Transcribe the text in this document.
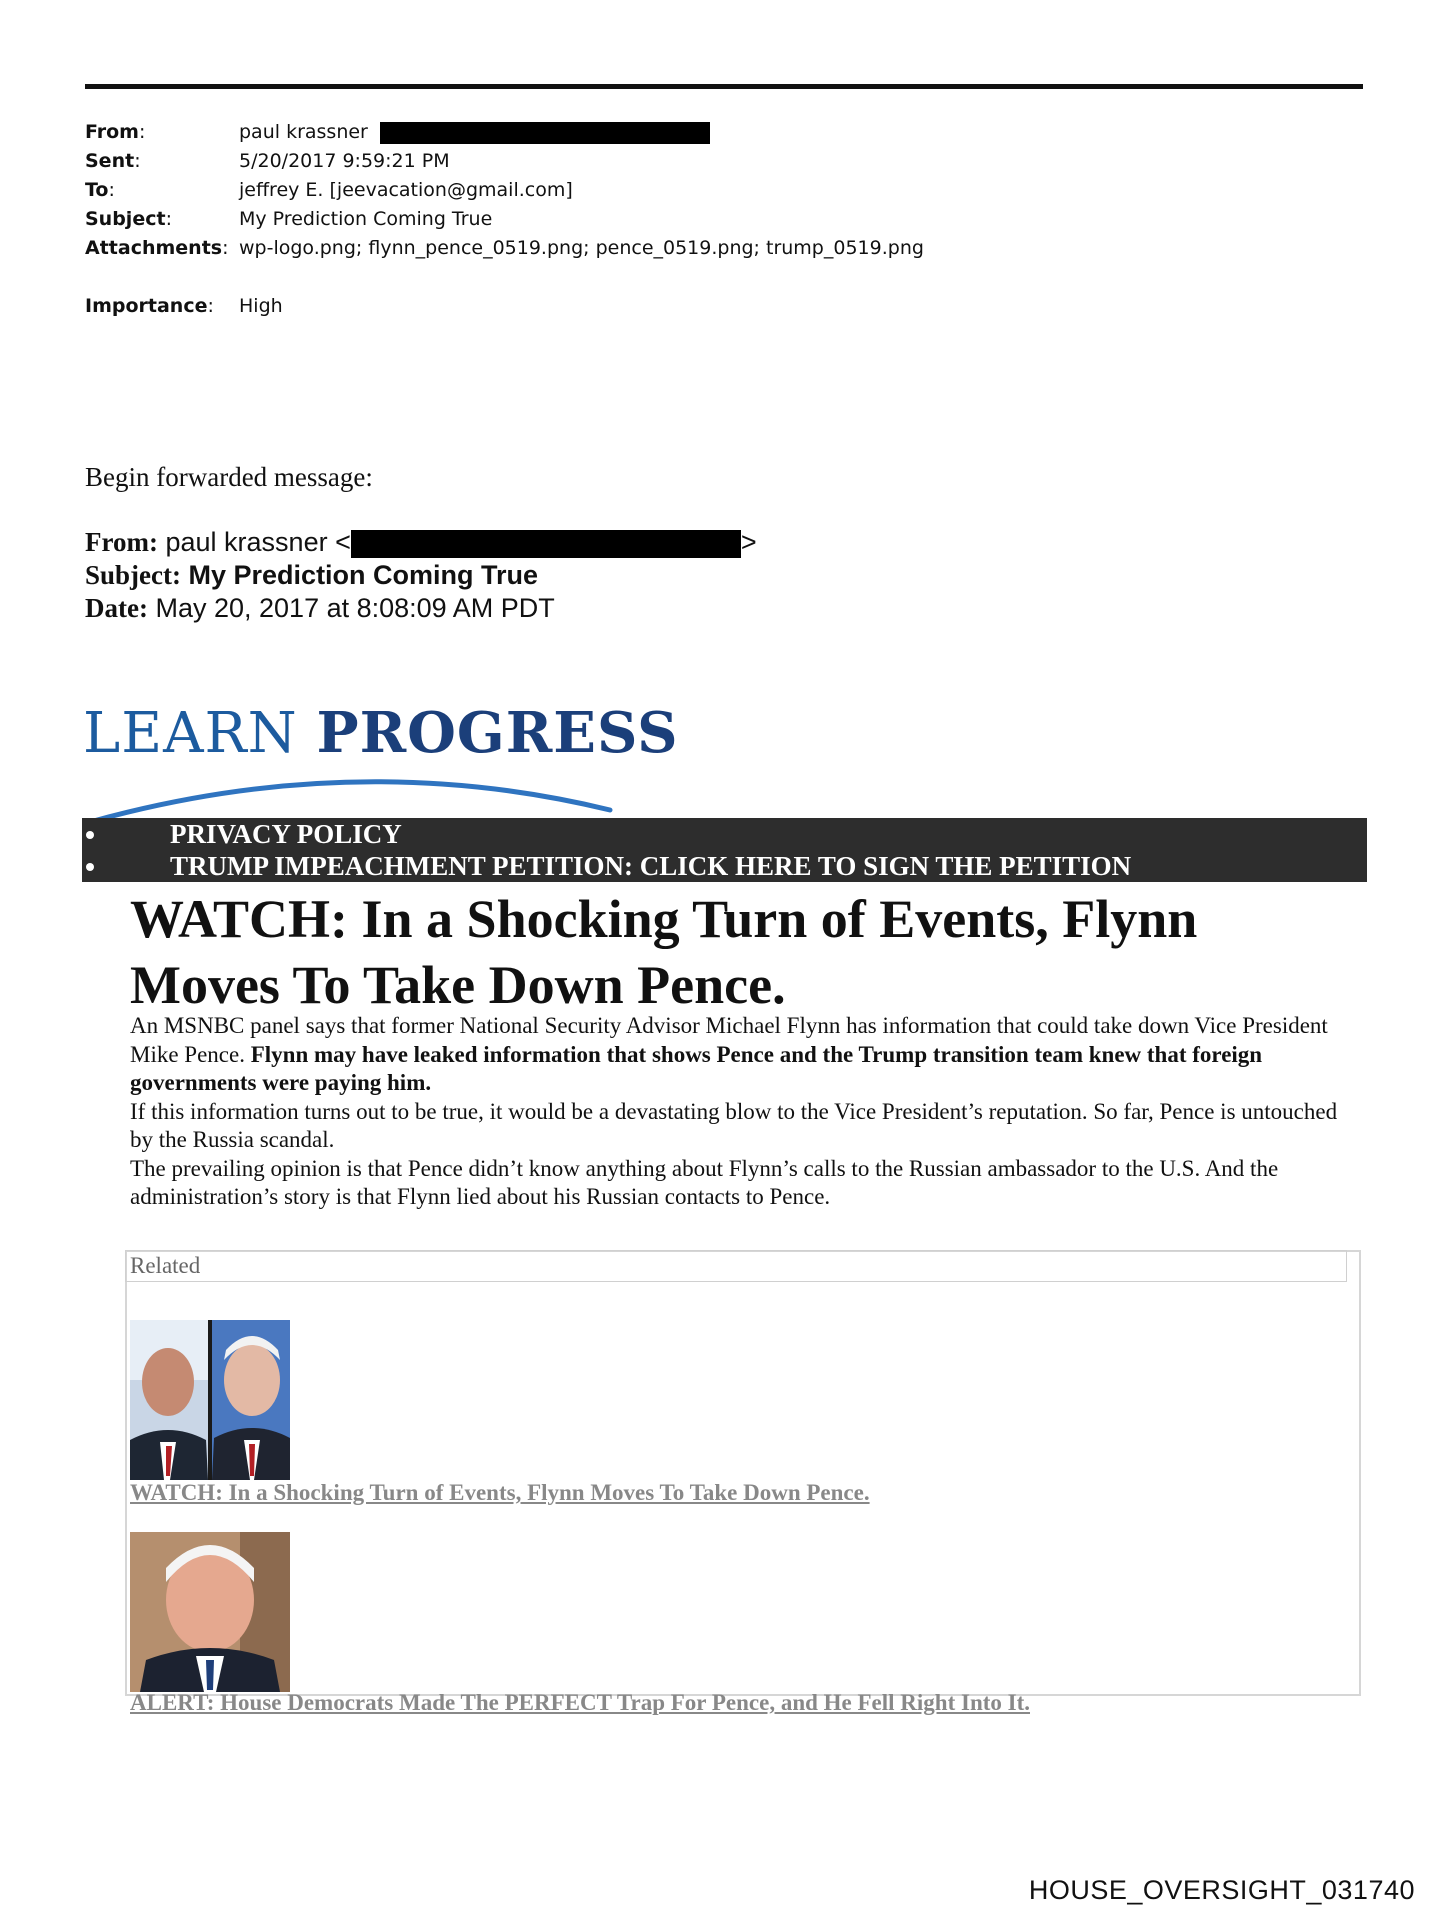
From:	paul krassner
Sent:	5/20/2017 9:59:21 PM
To:	jeffrey E. [jeevacation@gmail.com]
Subject:	My Prediction Coming True
Attachments: wp-logo.png; flynn_pence_0519.png; pence_0519.png; trump_0519.png
Importance:	High
Begin forwarded message:
From: paul krassner <	>
Subject: My Prediction Coming True
Date: May 20, 2017 at 8:08:09 AM PDT
LEARN PROGRESS
PRIVACY POLICY
TRUMP IMPEACHMENT PETITION: CLICK HERE TO SIGN THE PETITION
WATCH: In a Shocking Turn of Events, Flynn
Moves To Take Down Pence.

An MSNBC panel says that former National Security Advisor Michael Flynn has information that could take down Vice President Mike Pence. Flynn may have leaked information that shows Pence and the Trump transition team knew that foreign governments were paying him.

If this information turns out to be true, it would be a devastating blow to the Vice President’s reputation. So far, Pence is untouched by the Russia scandal.

The prevailing opinion is that Pence didn’t know anything about Flynn’s calls to the Russian ambassador to the U.S. And the administration’s story is that Flynn lied about his Russian contacts to Pence.

Related
WATCH: In a Shocking Turn of Events, Flynn Moves To Take Down Pence.
ALERT: House Democrats Made The PERFECT Trap For Pence, and He Fell Right Into It.
HOUSE_OVERSIGHT_031740
